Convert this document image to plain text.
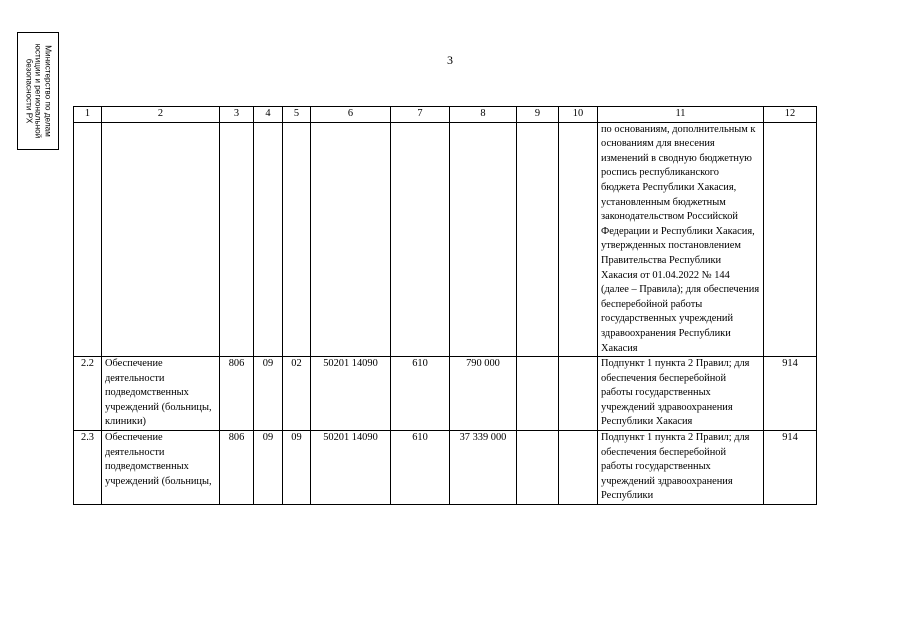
Министерство по делам
юстиции и региональной
безопасности РХ	3
1	2	3	4	5	6	7	8	9	10	11	12
										по основаниям, дополнительным к основаниям для внесения изменений в сводную бюджетную роспись республиканского бюджета Республики Хакасия, установленным бюджетным законодательством Российской Федерации и Республики Хакасия, утвержденных постановлением Правительства Республики Хакасия от 01.04.2022 № 144 (далее – Правила); для обеспечения бесперебойной работы государственных учреждений здравоохранения Республики Хакасия	
2.2	Обеспечение деятельности подведомственных учреждений (больницы, клиники)	806	09	02	50201 14090	610	790 000			Подпункт 1 пункта 2 Правил; для обеспечения бесперебойной работы государственных учреждений здравоохранения Республики Хакасия	914
2.3	Обеспечение деятельности подведомственных учреждений (больницы,	806	09	09	50201 14090	610	37 339 000			Подпункт 1 пункта 2 Правил; для обеспечения бесперебойной работы государственных учреждений здравоохранения Республики	914
